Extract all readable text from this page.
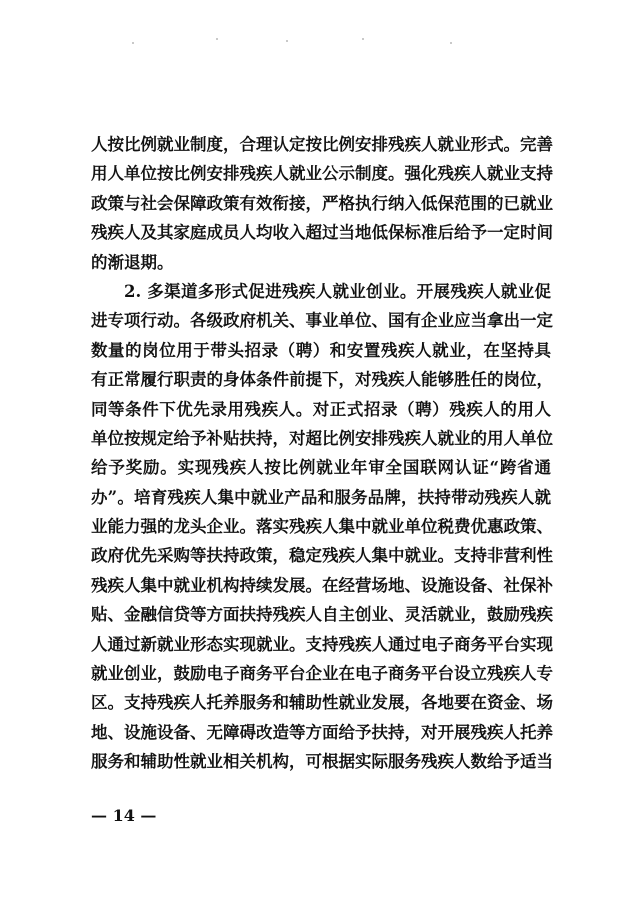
人按比例就业制度，合理认定按比例安排残疾人就业形式。完善
用人单位按比例安排残疾人就业公示制度。强化残疾人就业支持
政策与社会保障政策有效衔接，严格执行纳入低保范围的已就业
残疾人及其家庭成员人均收入超过当地低保标准后给予一定时间
的渐退期。
2. 多渠道多形式促进残疾人就业创业。开展残疾人就业促
进专项行动。各级政府机关、事业单位、国有企业应当拿出一定
数量的岗位用于带头招录（聘）和安置残疾人就业，在坚持具
有正常履行职责的身体条件前提下，对残疾人能够胜任的岗位，
同等条件下优先录用残疾人。对正式招录（聘）残疾人的用人
单位按规定给予补贴扶持，对超比例安排残疾人就业的用人单位
给予奖励。实现残疾人按比例就业年审全国联网认证“跨省通
办”。培育残疾人集中就业产品和服务品牌，扶持带动残疾人就
业能力强的龙头企业。落实残疾人集中就业单位税费优惠政策、
政府优先采购等扶持政策，稳定残疾人集中就业。支持非营利性
残疾人集中就业机构持续发展。在经营场地、设施设备、社保补
贴、金融信贷等方面扶持残疾人自主创业、灵活就业，鼓励残疾
人通过新就业形态实现就业。支持残疾人通过电子商务平台实现
就业创业，鼓励电子商务平台企业在电子商务平台设立残疾人专
区。支持残疾人托养服务和辅助性就业发展，各地要在资金、场
地、设施设备、无障碍改造等方面给予扶持，对开展残疾人托养
服务和辅助性就业相关机构，可根据实际服务残疾人数给予适当
— 14 —
